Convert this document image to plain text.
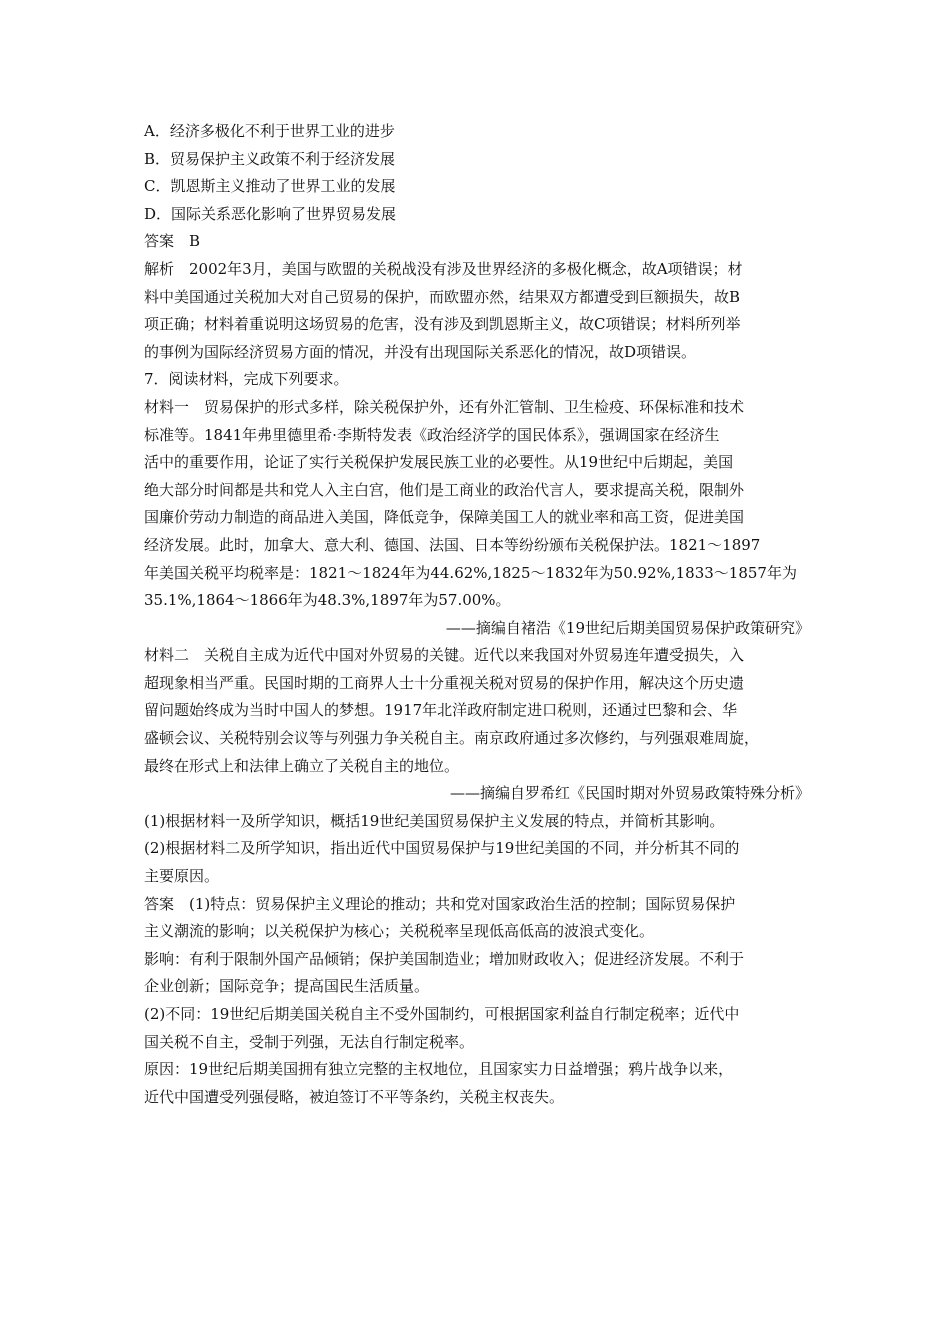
A．经济多极化不利于世界工业的进步
B．贸易保护主义政策不利于经济发展
C．凯恩斯主义推动了世界工业的发展
D．国际关系恶化影响了世界贸易发展
答案　B
解析　2002年3月，美国与欧盟的关税战没有涉及世界经济的多极化概念，故A项错误；材
料中美国通过关税加大对自己贸易的保护，而欧盟亦然，结果双方都遭受到巨额损失，故B
项正确；材料着重说明这场贸易的危害，没有涉及到凯恩斯主义，故C项错误；材料所列举
的事例为国际经济贸易方面的情况，并没有出现国际关系恶化的情况，故D项错误。
7．阅读材料，完成下列要求。
材料一　贸易保护的形式多样，除关税保护外，还有外汇管制、卫生检疫、环保标准和技术
标准等。1841年弗里德里希·李斯特发表《政治经济学的国民体系》，强调国家在经济生
活中的重要作用，论证了实行关税保护发展民族工业的必要性。从19世纪中后期起，美国
绝大部分时间都是共和党人入主白宫，他们是工商业的政治代言人，要求提高关税，限制外
国廉价劳动力制造的商品进入美国，降低竞争，保障美国工人的就业率和高工资，促进美国
经济发展。此时，加拿大、意大利、德国、法国、日本等纷纷颁布关税保护法。1821～1897
年美国关税平均税率是：1821～1824年为44.62%,1825～1832年为50.92%,1833～1857年为
35.1%,1864～1866年为48.3%,1897年为57.00%。
——摘编自褚浩《19世纪后期美国贸易保护政策研究》
材料二　关税自主成为近代中国对外贸易的关键。近代以来我国对外贸易连年遭受损失，入
超现象相当严重。民国时期的工商界人士十分重视关税对贸易的保护作用，解决这个历史遗
留问题始终成为当时中国人的梦想。1917年北洋政府制定进口税则，还通过巴黎和会、华
盛顿会议、关税特别会议等与列强力争关税自主。南京政府通过多次修约，与列强艰难周旋，
最终在形式上和法律上确立了关税自主的地位。
——摘编自罗希红《民国时期对外贸易政策特殊分析》
(1)根据材料一及所学知识，概括19世纪美国贸易保护主义发展的特点，并简析其影响。
(2)根据材料二及所学知识，指出近代中国贸易保护与19世纪美国的不同，并分析其不同的
主要原因。
答案　(1)特点：贸易保护主义理论的推动；共和党对国家政治生活的控制；国际贸易保护
主义潮流的影响；以关税保护为核心；关税税率呈现低高低高的波浪式变化。
影响：有利于限制外国产品倾销；保护美国制造业；增加财政收入；促进经济发展。不利于
企业创新；国际竞争；提高国民生活质量。
(2)不同：19世纪后期美国关税自主不受外国制约，可根据国家利益自行制定税率；近代中
国关税不自主，受制于列强，无法自行制定税率。
原因：19世纪后期美国拥有独立完整的主权地位，且国家实力日益增强；鸦片战争以来，
近代中国遭受列强侵略，被迫签订不平等条约，关税主权丧失。
